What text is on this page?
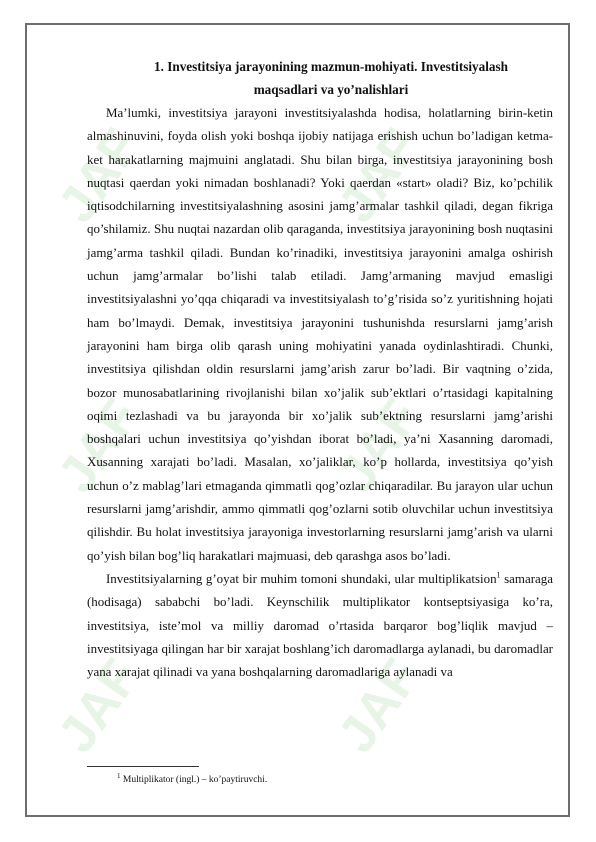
JAF	JAF
JAF	JAF
JAF	JAF
1. Investitsiya jarayonining mazmun-mohiyati. Investitsiyalash
maqsadlari va yo’nalishlari

Ma’lumki, investitsiya jarayoni investitsiyalashda hodisa, holatlarning birin-ketin almashinuvini, foyda olish yoki boshqa ijobiy natijaga erishish uchun bo’ladigan ketma-ket harakatlarning majmuini anglatadi. Shu bilan birga, investitsiya jarayonining bosh nuqtasi qaerdan yoki nimadan boshlanadi? Yoki qaerdan «start» oladi? Biz, ko’pchilik iqtisodchilarning investitsiyalashning asosini jamg’armalar tashkil qiladi, degan fikriga qo’shilamiz. Shu nuqtai nazardan olib qaraganda, investitsiya jarayonining bosh nuqtasini jamg’arma tashkil qiladi. Bundan ko’rinadiki, investitsiya jarayonini amalga oshirish uchun jamg’armalar bo’lishi talab etiladi. Jamg’armaning mavjud emasligi investitsiyalashni yo’qqa chiqaradi va investitsiyalash to’g’risida so’z yuritishning hojati ham bo’lmaydi. Demak, investitsiya jarayonini tushunishda resurslarni jamg’arish jarayonini ham birga olib qarash uning mohiyatini yanada oydinlashtiradi. Chunki, investitsiya qilishdan oldin resurslarni jamg’arish zarur bo’ladi. Bir vaqtning o’zida, bozor munosabatlarining rivojlanishi bilan xo’jalik sub’ektlari o’rtasidagi kapitalning oqimi tezlashadi va bu jarayonda bir xo’jalik sub’ektning resurslarni jamg’arishi boshqalari uchun investitsiya qo’yishdan iborat bo’ladi, ya’ni Xasanning daromadi, Xusanning xarajati bo’ladi. Masalan, xo’jaliklar, ko’p hollarda, investitsiya qo’yish uchun o’z mablag’lari etmaganda qimmatli qog’ozlar chiqaradilar. Bu jarayon ular uchun resurslarni jamg’arishdir, ammo qimmatli qog’ozlarni sotib oluvchilar uchun investitsiya qilishdir. Bu holat investitsiya jarayoniga investorlarning resurslarni jamg’arish va ularni qo’yish bilan bog’liq harakatlari majmuasi, deb qarashga asos bo’ladi.

Investitsiyalarning g’oyat bir muhim tomoni shundaki, ular multiplikatsion$^1$ samaraga (hodisaga) sababchi bo’ladi. Keynschilik multiplikator kontseptsiyasiga ko’ra, investitsiya, iste’mol va milliy daromad o’rtasida barqaror bog’liqlik mavjud – investitsiyaga qilingan har bir xarajat boshlang’ich daromadlarga aylanadi, bu daromadlar yana xarajat qilinadi va yana boshqalarning daromadlariga aylanadi va

$^1$ Multiplikator (ingl.) – ko’paytiruvchi.
